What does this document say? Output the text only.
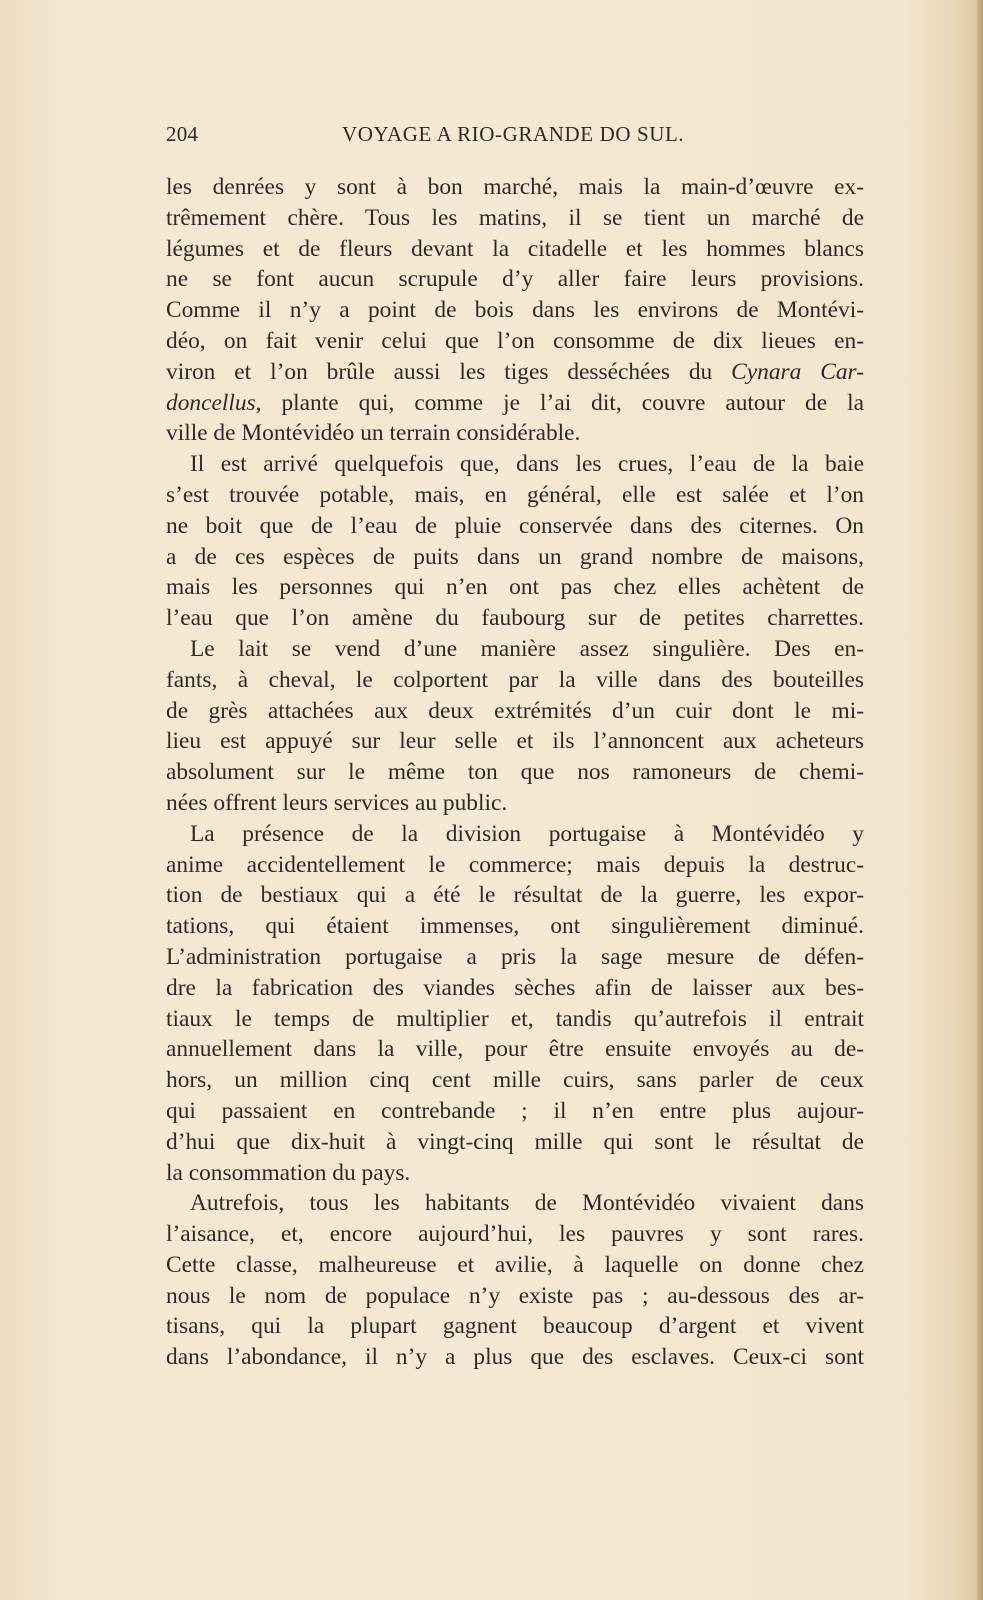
204	VOYAGE A RIO-GRANDE DO SUL.
les denrées y sont à bon marché, mais la main-d’œuvre ex-
trêmement chère. Tous les matins, il se tient un marché de
légumes et de fleurs devant la citadelle et les hommes blancs
ne se font aucun scrupule d’y aller faire leurs provisions.
Comme il n’y a point de bois dans les environs de Montévi-
déo, on fait venir celui que l’on consomme de dix lieues en-
viron et l’on brûle aussi les tiges desséchées du Cynara Car-
doncellus, plante qui, comme je l’ai dit, couvre autour de la
ville de Montévidéo un terrain considérable.
Il est arrivé quelquefois que, dans les crues, l’eau de la baie
s’est trouvée potable, mais, en général, elle est salée et l’on
ne boit que de l’eau de pluie conservée dans des citernes. On
a de ces espèces de puits dans un grand nombre de maisons,
mais les personnes qui n’en ont pas chez elles achètent de
l’eau que l’on amène du faubourg sur de petites charrettes.
Le lait se vend d’une manière assez singulière. Des en-
fants, à cheval, le colportent par la ville dans des bouteilles
de grès attachées aux deux extrémités d’un cuir dont le mi-
lieu est appuyé sur leur selle et ils l’annoncent aux acheteurs
absolument sur le même ton que nos ramoneurs de chemi-
nées offrent leurs services au public.
La présence de la division portugaise à Montévidéo y
anime accidentellement le commerce; mais depuis la destruc-
tion de bestiaux qui a été le résultat de la guerre, les expor-
tations, qui étaient immenses, ont singulièrement diminué.
L’administration portugaise a pris la sage mesure de défen-
dre la fabrication des viandes sèches afin de laisser aux bes-
tiaux le temps de multiplier et, tandis qu’autrefois il entrait
annuellement dans la ville, pour être ensuite envoyés au de-
hors, un million cinq cent mille cuirs, sans parler de ceux
qui passaient en contrebande ; il n’en entre plus aujour-
d’hui que dix-huit à vingt-cinq mille qui sont le résultat de
la consommation du pays.
Autrefois, tous les habitants de Montévidéo vivaient dans
l’aisance, et, encore aujourd’hui, les pauvres y sont rares.
Cette classe, malheureuse et avilie, à laquelle on donne chez
nous le nom de populace n’y existe pas ; au-dessous des ar-
tisans, qui la plupart gagnent beaucoup d’argent et vivent
dans l’abondance, il n’y a plus que des esclaves. Ceux-ci sont
